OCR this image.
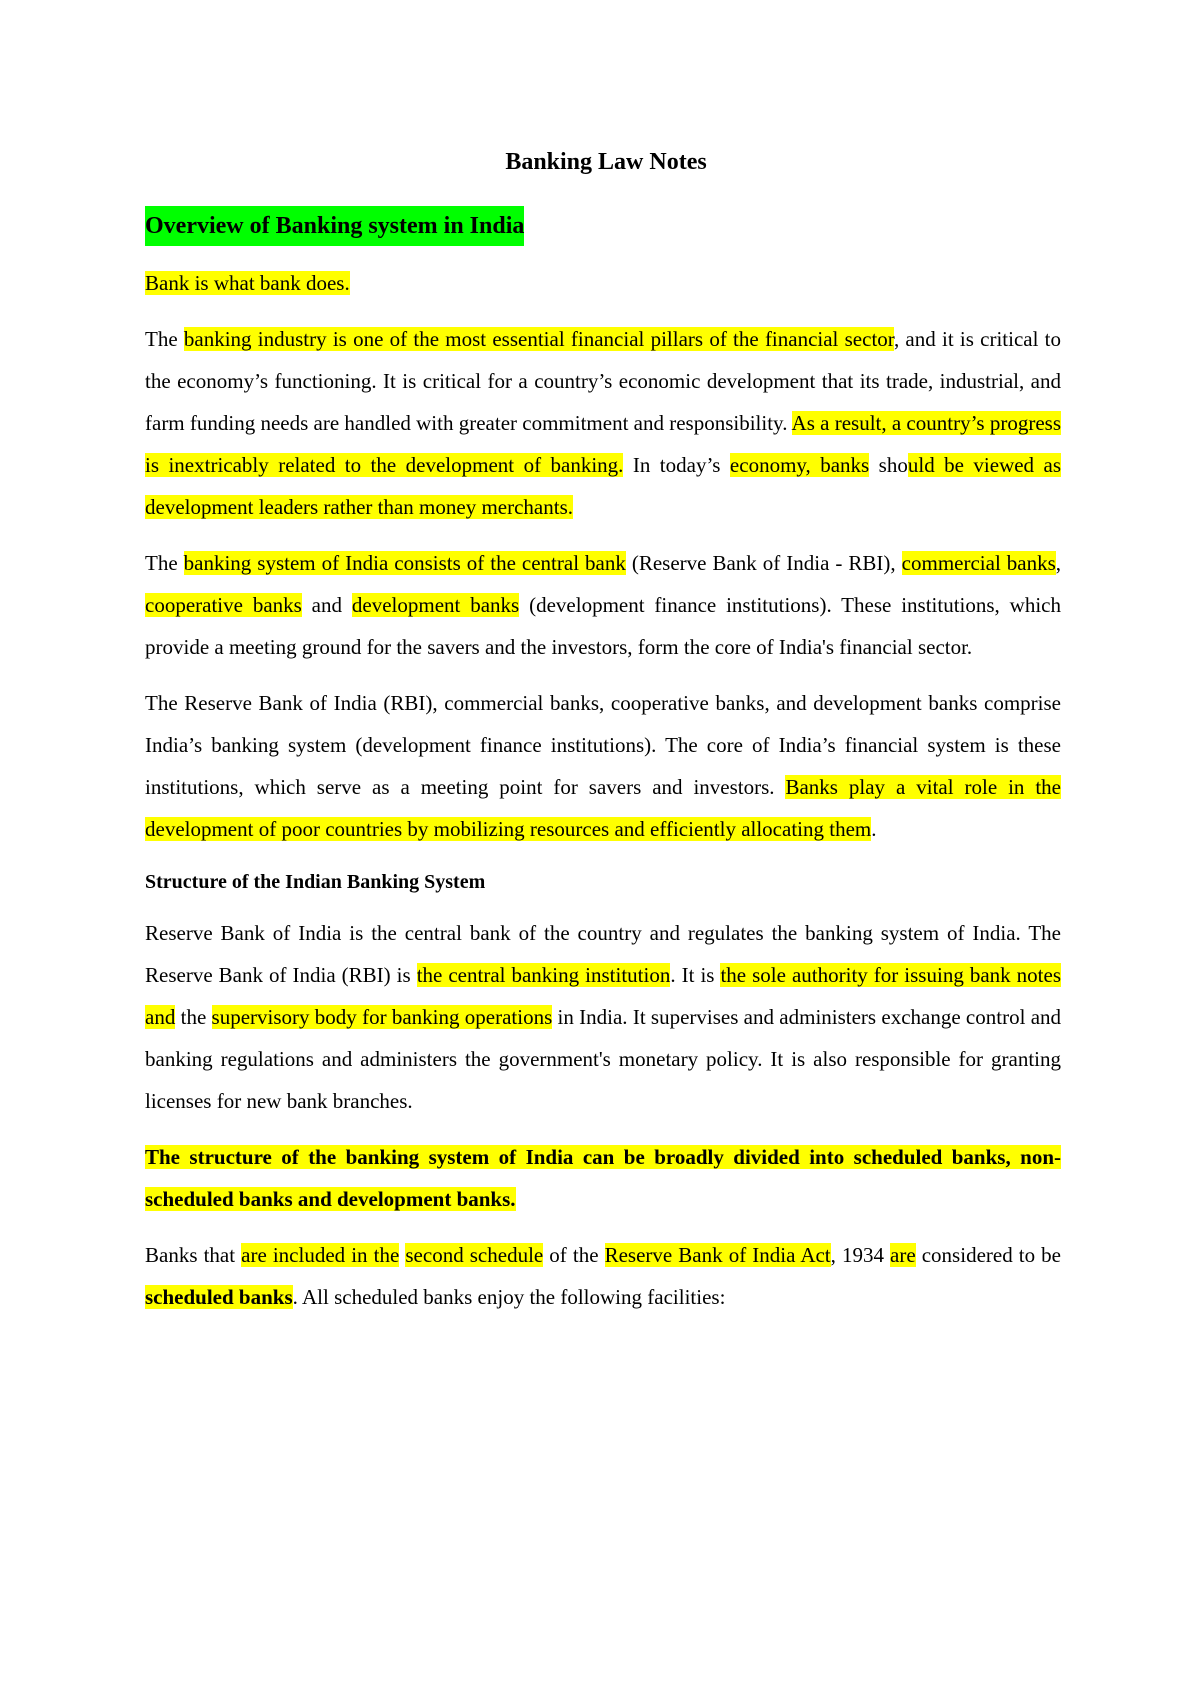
Banking Law Notes
Overview of Banking system in India

Bank is what bank does.

The banking industry is one of the most essential financial pillars of the financial sector, and it is critical to the economy’s functioning. It is critical for a country’s economic development that its trade, industrial, and farm funding needs are handled with greater commitment and responsibility. As a result, a country’s progress is inextricably related to the development of banking. In today’s economy, banks should be viewed as development leaders rather than money merchants.

The banking system of India consists of the central bank (Reserve Bank of India - RBI), commercial banks, cooperative banks and development banks (development finance institutions). These institutions, which provide a meeting ground for the savers and the investors, form the core of India's financial sector.

The Reserve Bank of India (RBI), commercial banks, cooperative banks, and development banks comprise India’s banking system (development finance institutions). The core of India’s financial system is these institutions, which serve as a meeting point for savers and investors. Banks play a vital role in the development of poor countries by mobilizing resources and efficiently allocating them.

Structure of the Indian Banking System

Reserve Bank of India is the central bank of the country and regulates the banking system of India. The Reserve Bank of India (RBI) is the central banking institution. It is the sole authority for issuing bank notes and the supervisory body for banking operations in India. It supervises and administers exchange control and banking regulations and administers the government's monetary policy. It is also responsible for granting licenses for new bank branches.

The structure of the banking system of India can be broadly divided into scheduled banks, non-scheduled banks and development banks.

Banks that are included in the second schedule of the Reserve Bank of India Act, 1934 are considered to be scheduled banks. All scheduled banks enjoy the following facilities:
